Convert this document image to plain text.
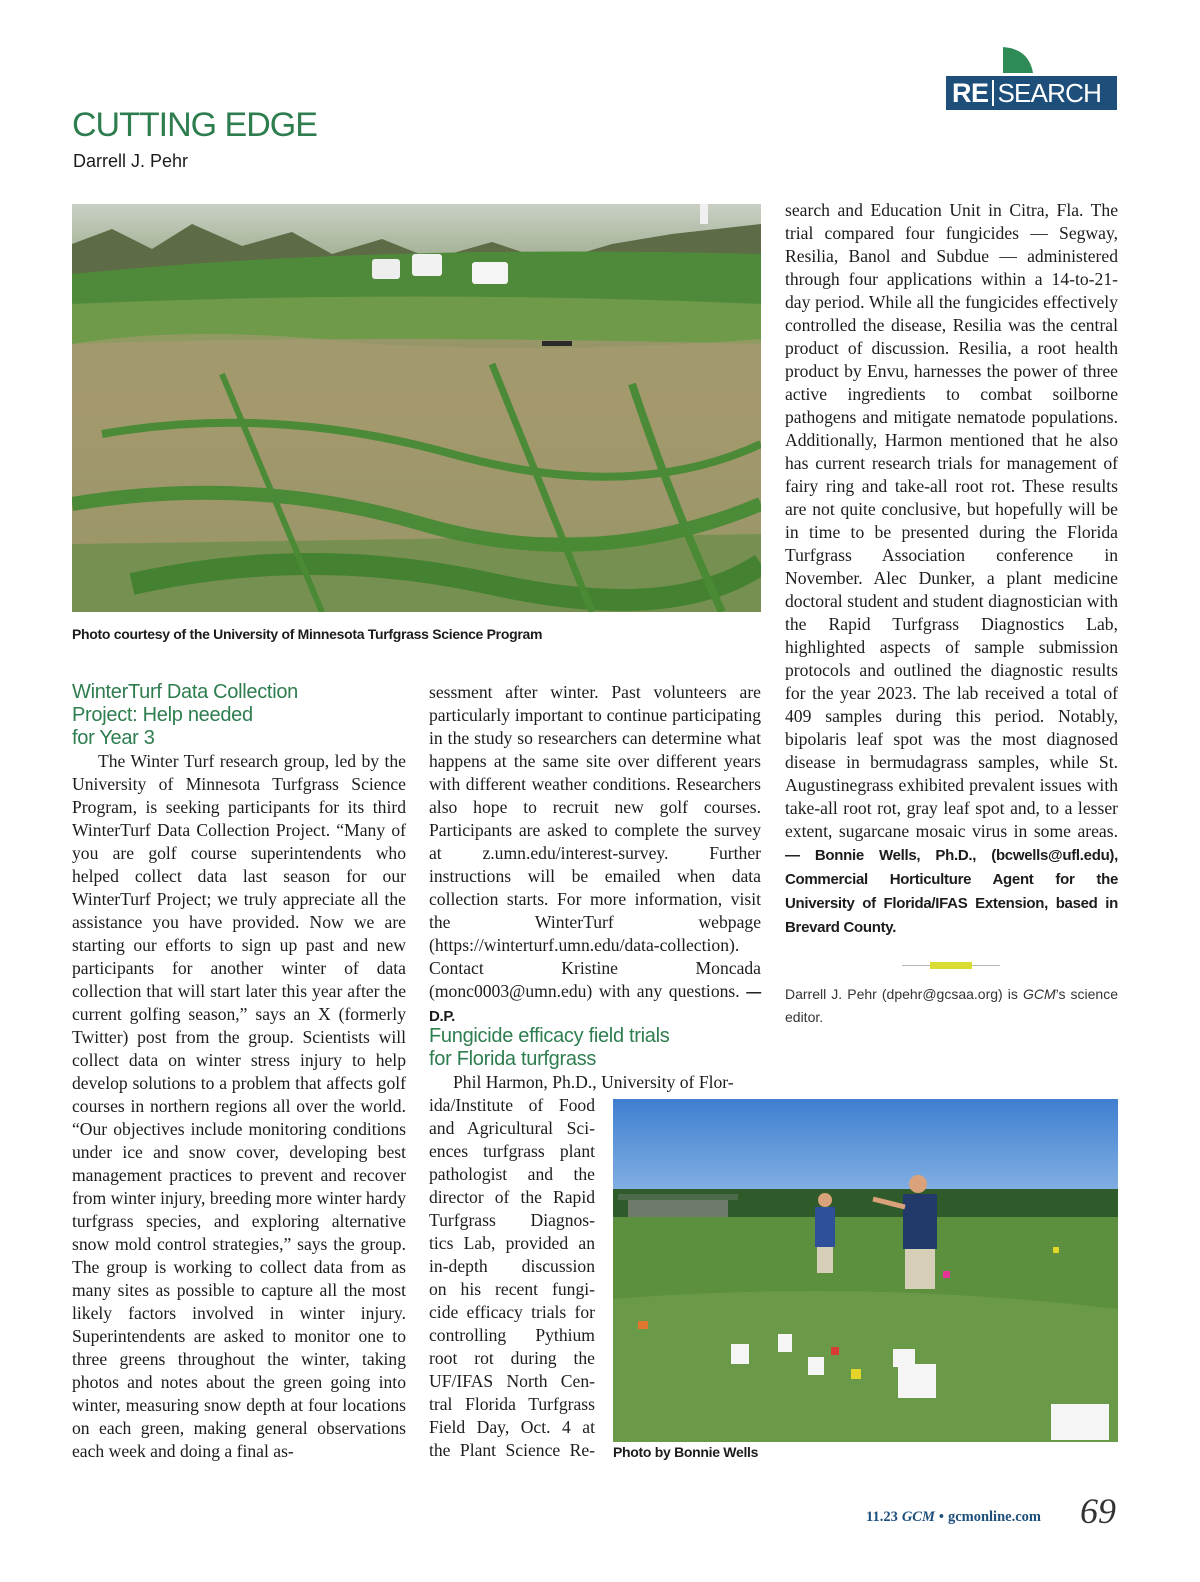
RE SEARCH
CUTTING EDGE
Darrell J. Pehr
Photo courtesy of the University of Minnesota Turfgrass Science Program
WinterTurf Data Collection
Project: Help needed
for Year 3
The Winter Turf research group, led by the University of Minnesota Turfgrass Science Program, is seeking participants for its third WinterTurf Data Collection Project. “Many of you are golf course superintendents who helped collect data last season for our WinterTurf Project; we truly appreciate all the assistance you have provided. Now we are starting our efforts to sign up past and new participants for another winter of data collection that will start later this year after the current golfing season,” says an X (formerly Twitter) post from the group. Scientists will collect data on winter stress injury to help develop solutions to a problem that affects golf courses in northern regions all over the world. “Our objectives include monitoring conditions under ice and snow cover, developing best management practices to prevent and recover from winter injury, breeding more winter hardy turfgrass species, and exploring alternative snow mold control strategies,” says the group. The group is working to collect data from as many sites as possible to capture all the most likely factors involved in winter injury. Superintendents are asked to monitor one to three greens throughout the winter, taking photos and notes about the green going into winter, measuring snow depth at four locations on each green, making general observations each week and doing a final as-
sessment after winter. Past volunteers are particularly important to continue participating in the study so researchers can determine what happens at the same site over different years with different weather conditions. Researchers also hope to recruit new golf courses. Participants are asked to complete the survey at z.umn.edu/interest-survey. Further instructions will be emailed when data collection starts. For more information, visit the WinterTurf webpage (https://winterturf.umn.edu/data-collection). Contact Kristine Moncada (monc0003@umn.edu) with any questions. — D.P.
Fungicide efficacy field trials
for Florida turfgrass
Phil Harmon, Ph.D., University of Flor-
ida/Institute of Food
and Agricultural Sci-
ences turfgrass plant
pathologist and the
director of the Rapid
Turfgrass Diagnos-
tics Lab, provided an
in-depth discussion
on his recent fungi-
cide efficacy trials for
controlling Pythium
root rot during the
UF/IFAS North Cen-
tral Florida Turfgrass
Field Day, Oct. 4 at
the Plant Science Re- Photo by Bonnie Wells
search and Education Unit in Citra, Fla. The trial compared four fungicides — Segway, Resilia, Banol and Subdue — administered through four applications within a 14-to-21-day period. While all the fungicides effectively controlled the disease, Resilia was the central product of discussion. Resilia, a root health product by Envu, harnesses the power of three active ingredients to combat soilborne pathogens and mitigate nematode populations. Additionally, Harmon mentioned that he also has current research trials for management of fairy ring and take-all root rot. These results are not quite conclusive, but hopefully will be in time to be presented during the Florida Turfgrass Association conference in November. Alec Dunker, a plant medicine doctoral student and student diagnostician with the Rapid Turfgrass Diagnostics Lab, highlighted aspects of sample submission protocols and outlined the diagnostic results for the year 2023. The lab received a total of 409 samples during this period. Notably, bipolaris leaf spot was the most diagnosed disease in bermudagrass samples, while St. Augustinegrass exhibited prevalent issues with take-all root rot, gray leaf spot and, to a lesser extent, sugarcane mosaic virus in some areas. — Bonnie Wells, Ph.D., (bcwells@ufl.edu), Commercial Horticulture Agent for the University of Florida/IFAS Extension, based in Brevard County.
Darrell J. Pehr (dpehr@gcsaa.org) is GCM’s science editor.
11.23 GCM • gcmonline.com 69
